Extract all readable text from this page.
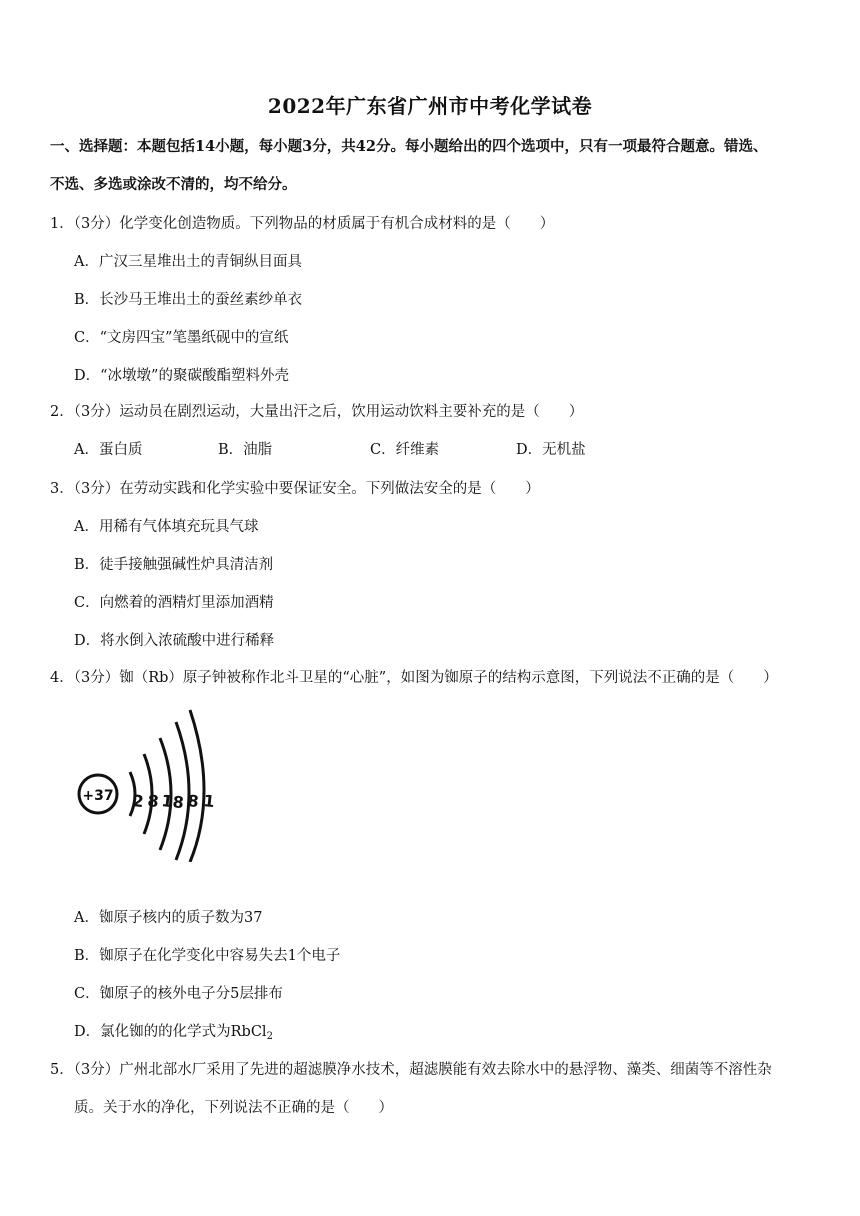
2022年广东省广州市中考化学试卷
一、选择题：本题包括14小题，每小题3分，共42分。每小题给出的四个选项中，只有一项最符合题意。错选、
不选、多选或涂改不清的，均不给分。
1．（3分）化学变化创造物质。下列物品的材质属于有机合成材料的是（　　）
A．广汉三星堆出土的青铜纵目面具
B．长沙马王堆出土的蚕丝素纱单衣
C．“文房四宝”笔墨纸砚中的宣纸
D．“冰墩墩”的聚碳酸酯塑料外壳
2．（3分）运动员在剧烈运动，大量出汗之后，饮用运动饮料主要补充的是（　　）
A．蛋白质	B．油脂	C．纤维素	D．无机盐
3．（3分）在劳动实践和化学实验中要保证安全。下列做法安全的是（　　）
A．用稀有气体填充玩具气球
B．徒手接触强碱性炉具清洁剂
C．向燃着的酒精灯里添加酒精
D．将水倒入浓硫酸中进行稀释
4．（3分）铷（Rb）原子钟被称作北斗卫星的“心脏”，如图为铷原子的结构示意图，下列说法不正确的是（　　）
+37 2 8 18 8 1
A．铷原子核内的质子数为37
B．铷原子在化学变化中容易失去1个电子
C．铷原子的核外电子分5层排布
D．氯化铷的的化学式为RbCl$_2$
5．（3分）广州北部水厂采用了先进的超滤膜净水技术，超滤膜能有效去除水中的悬浮物、藻类、细菌等不溶性杂
质。关于水的净化，下列说法不正确的是（　　）
